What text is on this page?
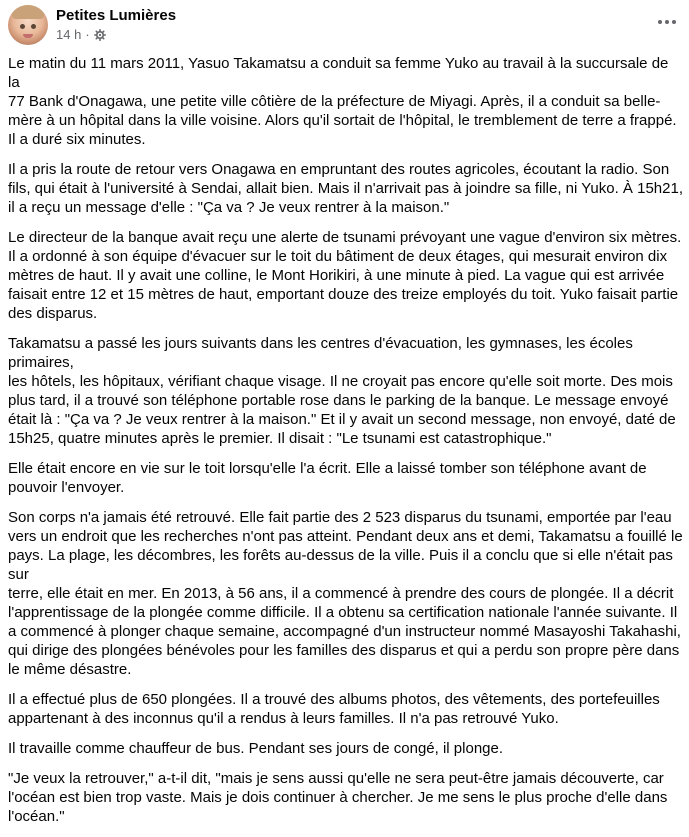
Petites Lumières
14 h ·

Le matin du 11 mars 2011, Yasuo Takamatsu a conduit sa femme Yuko au travail à la succursale de la
77 Bank d'Onagawa, une petite ville côtière de la préfecture de Miyagi. Après, il a conduit sa belle-
mère à un hôpital dans la ville voisine. Alors qu'il sortait de l'hôpital, le tremblement de terre a frappé.
Il a duré six minutes.

Il a pris la route de retour vers Onagawa en empruntant des routes agricoles, écoutant la radio. Son
fils, qui était à l'université à Sendai, allait bien. Mais il n'arrivait pas à joindre sa fille, ni Yuko. À 15h21,
il a reçu un message d'elle : "Ça va ? Je veux rentrer à la maison."

Le directeur de la banque avait reçu une alerte de tsunami prévoyant une vague d'environ six mètres.
Il a ordonné à son équipe d'évacuer sur le toit du bâtiment de deux étages, qui mesurait environ dix
mètres de haut. Il y avait une colline, le Mont Horikiri, à une minute à pied. La vague qui est arrivée
faisait entre 12 et 15 mètres de haut, emportant douze des treize employés du toit. Yuko faisait partie
des disparus.

Takamatsu a passé les jours suivants dans les centres d'évacuation, les gymnases, les écoles primaires,
les hôtels, les hôpitaux, vérifiant chaque visage. Il ne croyait pas encore qu'elle soit morte. Des mois
plus tard, il a trouvé son téléphone portable rose dans le parking de la banque. Le message envoyé
était là : "Ça va ? Je veux rentrer à la maison." Et il y avait un second message, non envoyé, daté de
15h25, quatre minutes après le premier. Il disait : "Le tsunami est catastrophique."

Elle était encore en vie sur le toit lorsqu'elle l'a écrit. Elle a laissé tomber son téléphone avant de
pouvoir l'envoyer.

Son corps n'a jamais été retrouvé. Elle fait partie des 2 523 disparus du tsunami, emportée par l'eau
vers un endroit que les recherches n'ont pas atteint. Pendant deux ans et demi, Takamatsu a fouillé le
pays. La plage, les décombres, les forêts au-dessus de la ville. Puis il a conclu que si elle n'était pas sur
terre, elle était en mer. En 2013, à 56 ans, il a commencé à prendre des cours de plongée. Il a décrit
l'apprentissage de la plongée comme difficile. Il a obtenu sa certification nationale l'année suivante. Il
a commencé à plonger chaque semaine, accompagné d'un instructeur nommé Masayoshi Takahashi,
qui dirige des plongées bénévoles pour les familles des disparus et qui a perdu son propre père dans
le même désastre.

Il a effectué plus de 650 plongées. Il a trouvé des albums photos, des vêtements, des portefeuilles
appartenant à des inconnus qu'il a rendus à leurs familles. Il n'a pas retrouvé Yuko.

Il travaille comme chauffeur de bus. Pendant ses jours de congé, il plonge.

"Je veux la retrouver," a-t-il dit, "mais je sens aussi qu'elle ne sera peut-être jamais découverte, car
l'océan est bien trop vaste. Mais je dois continuer à chercher. Je me sens le plus proche d'elle dans
l'océan."
